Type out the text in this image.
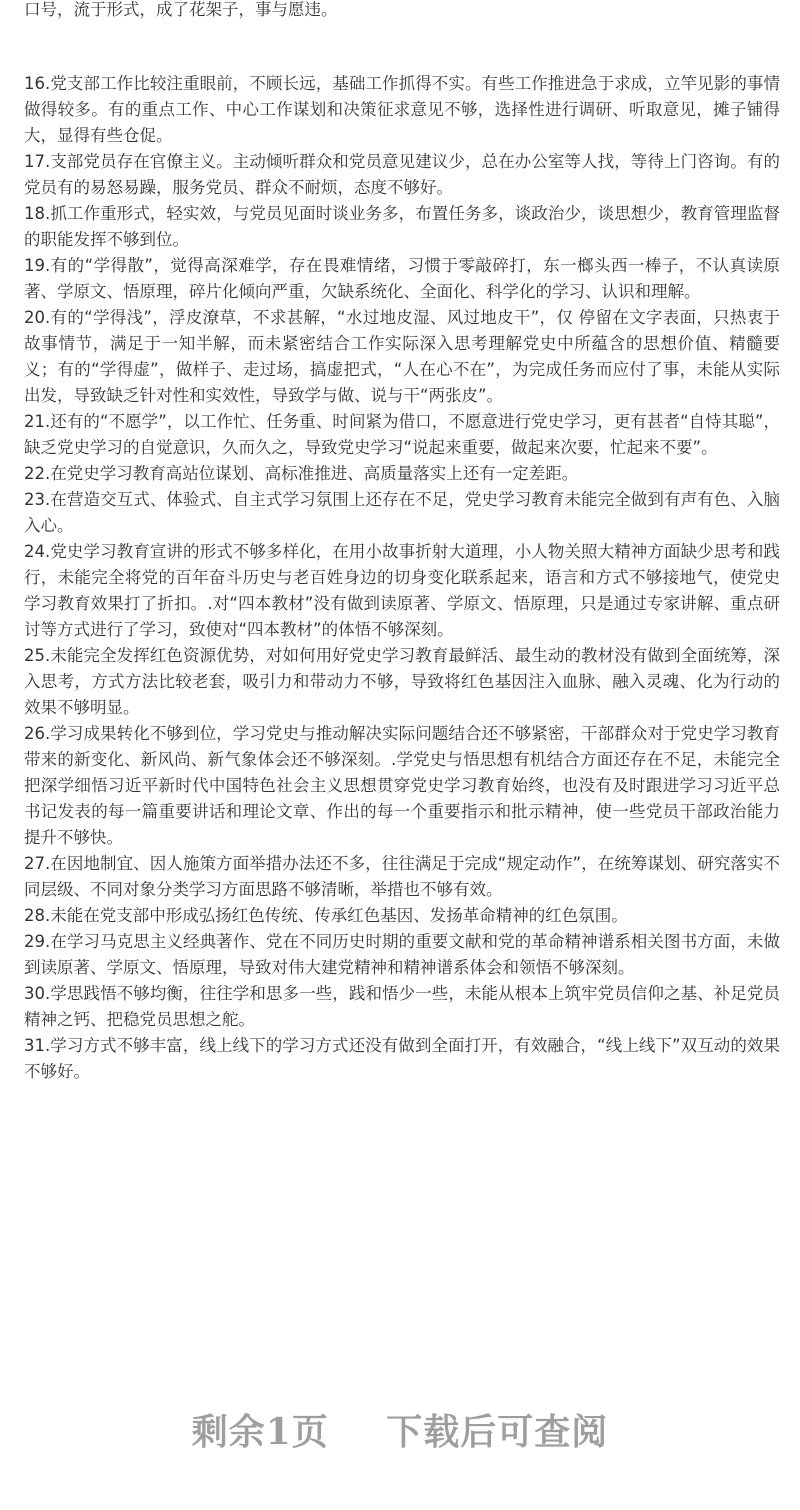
口号，流于形式，成了花架子，事与愿违。

16.党支部工作比较注重眼前，不顾长远，基础工作抓得不实。有些工作推进急于求成，立竿见影的事情做得较多。有的重点工作、中心工作谋划和决策征求意见不够，选择性进行调研、听取意见，摊子铺得大，显得有些仓促。

17.支部党员存在官僚主义。主动倾听群众和党员意见建议少，总在办公室等人找，等待上门咨询。有的党员有的易怒易躁，服务党员、群众不耐烦，态度不够好。

18.抓工作重形式，轻实效，与党员见面时谈业务多，布置任务多，谈政治少，谈思想少，教育管理监督的职能发挥不够到位。

19.有的“学得散”，觉得高深难学，存在畏难情绪，习惯于零敲碎打，东一榔头西一棒子，不认真读原著、学原文、悟原理，碎片化倾向严重，欠缺系统化、全面化、科学化的学习、认识和理解。

20.有的“学得浅”，浮皮潦草，不求甚解，“水过地皮湿、风过地皮干”，仅 停留在文字表面，只热衷于故事情节，满足于一知半解，而未紧密结合工作实际深入思考理解党史中所蕴含的思想价值、精髓要义；有的“学得虚”，做样子、走过场，搞虚把式，“人在心不在”，为完成任务而应付了事，未能从实际出发，导致缺乏针对性和实效性，导致学与做、说与干“两张皮”。

21.还有的“不愿学”，以工作忙、任务重、时间紧为借口，不愿意进行党史学习，更有甚者“自恃其聪”，缺乏党史学习的自觉意识，久而久之，导致党史学习“说起来重要，做起来次要，忙起来不要”。

22.在党史学习教育高站位谋划、高标准推进、高质量落实上还有一定差距。

23.在营造交互式、体验式、自主式学习氛围上还存在不足，党史学习教育未能完全做到有声有色、入脑入心。

24.党史学习教育宣讲的形式不够多样化，在用小故事折射大道理，小人物关照大精神方面缺少思考和践行，未能完全将党的百年奋斗历史与老百姓身边的切身变化联系起来，语言和方式不够接地气，使党史学习教育效果打了折扣。.对“四本教材”没有做到读原著、学原文、悟原理，只是通过专家讲解、重点研讨等方式进行了学习，致使对“四本教材”的体悟不够深刻。

25.未能完全发挥红色资源优势，对如何用好党史学习教育最鲜活、最生动的教材没有做到全面统筹，深入思考，方式方法比较老套，吸引力和带动力不够，导致将红色基因注入血脉、融入灵魂、化为行动的效果不够明显。

26.学习成果转化不够到位，学习党史与推动解决实际问题结合还不够紧密，干部群众对于党史学习教育带来的新变化、新风尚、新气象体会还不够深刻。.学党史与悟思想有机结合方面还存在不足，未能完全把深学细悟习近平新时代中国特色社会主义思想贯穿党史学习教育始终，也没有及时跟进学习习近平总书记发表的每一篇重要讲话和理论文章、作出的每一个重要指示和批示精神，使一些党员干部政治能力提升不够快。

27.在因地制宜、因人施策方面举措办法还不多，往往满足于完成“规定动作”，在统筹谋划、研究落实不同层级、不同对象分类学习方面思路不够清晰，举措也不够有效。

28.未能在党支部中形成弘扬红色传统、传承红色基因、发扬革命精神的红色氛围。

29.在学习马克思主义经典著作、党在不同历史时期的重要文献和党的革命精神谱系相关图书方面，未做到读原著、学原文、悟原理，导致对伟大建党精神和精神谱系体会和领悟不够深刻。

30.学思践悟不够均衡，往往学和思多一些，践和悟少一些，未能从根本上筑牢党员信仰之基、补足党员精神之钙、把稳党员思想之舵。

31.学习方式不够丰富，线上线下的学习方式还没有做到全面打开，有效融合，“线上线下”双互动的效果不够好。

剩余1页 下载后可查阅
